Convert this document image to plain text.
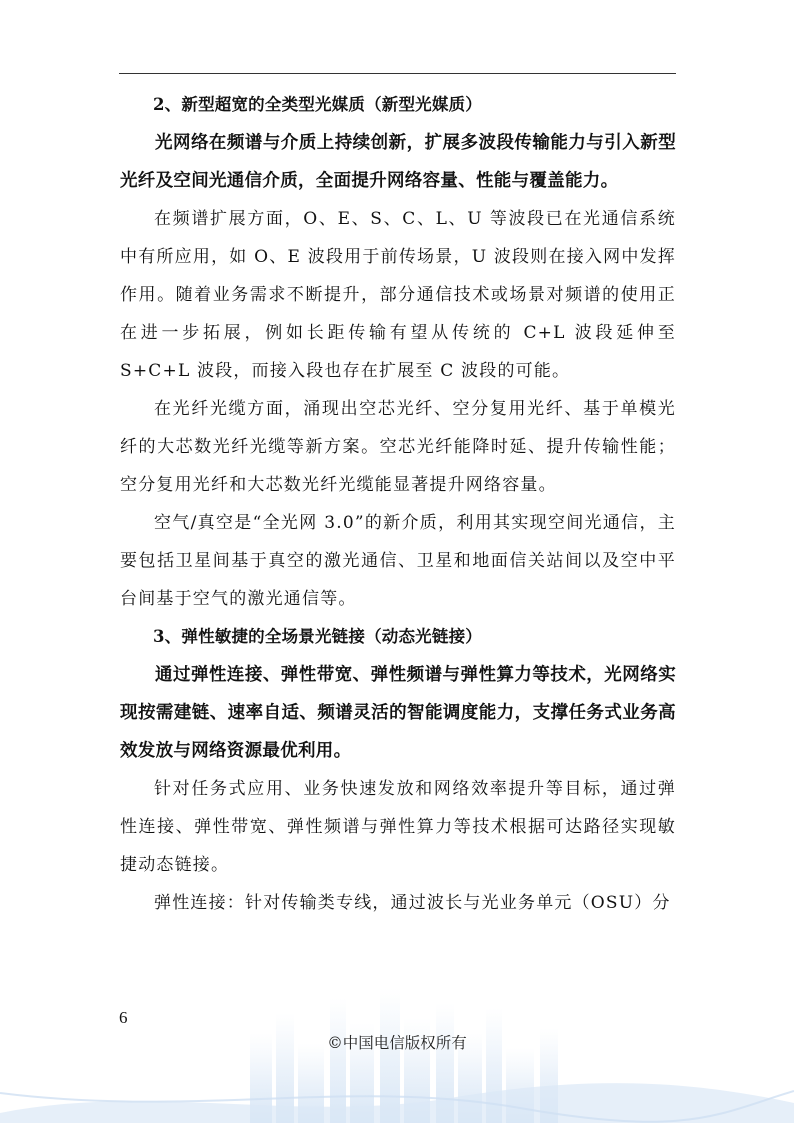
2、新型超宽的全类型光媒质（新型光媒质）

光网络在频谱与介质上持续创新，扩展多波段传输能力与引入新型光纤及空间光通信介质，全面提升网络容量、性能与覆盖能力。

在频谱扩展方面，O、E、S、C、L、U 等波段已在光通信系统中有所应用，如 O、E 波段用于前传场景，U 波段则在接入网中发挥作用。随着业务需求不断提升，部分通信技术或场景对频谱的使用正在进一步拓展，例如长距传输有望从传统的 C+L 波段延伸至 S+C+L 波段，而接入段也存在扩展至 C 波段的可能。

在光纤光缆方面，涌现出空芯光纤、空分复用光纤、基于单模光纤的大芯数光纤光缆等新方案。空芯光纤能降时延、提升传输性能；空分复用光纤和大芯数光纤光缆能显著提升网络容量。

空气/真空是“全光网 3.0”的新介质，利用其实现空间光通信，主要包括卫星间基于真空的激光通信、卫星和地面信关站间以及空中平台间基于空气的激光通信等。

3、弹性敏捷的全场景光链接（动态光链接）

通过弹性连接、弹性带宽、弹性频谱与弹性算力等技术，光网络实现按需建链、速率自适、频谱灵活的智能调度能力，支撑任务式业务高效发放与网络资源最优利用。

针对任务式应用、业务快速发放和网络效率提升等目标，通过弹性连接、弹性带宽、弹性频谱与弹性算力等技术根据可达路径实现敏捷动态链接。

弹性连接：针对传输类专线，通过波长与光业务单元（OSU）分

6
©中国电信版权所有
